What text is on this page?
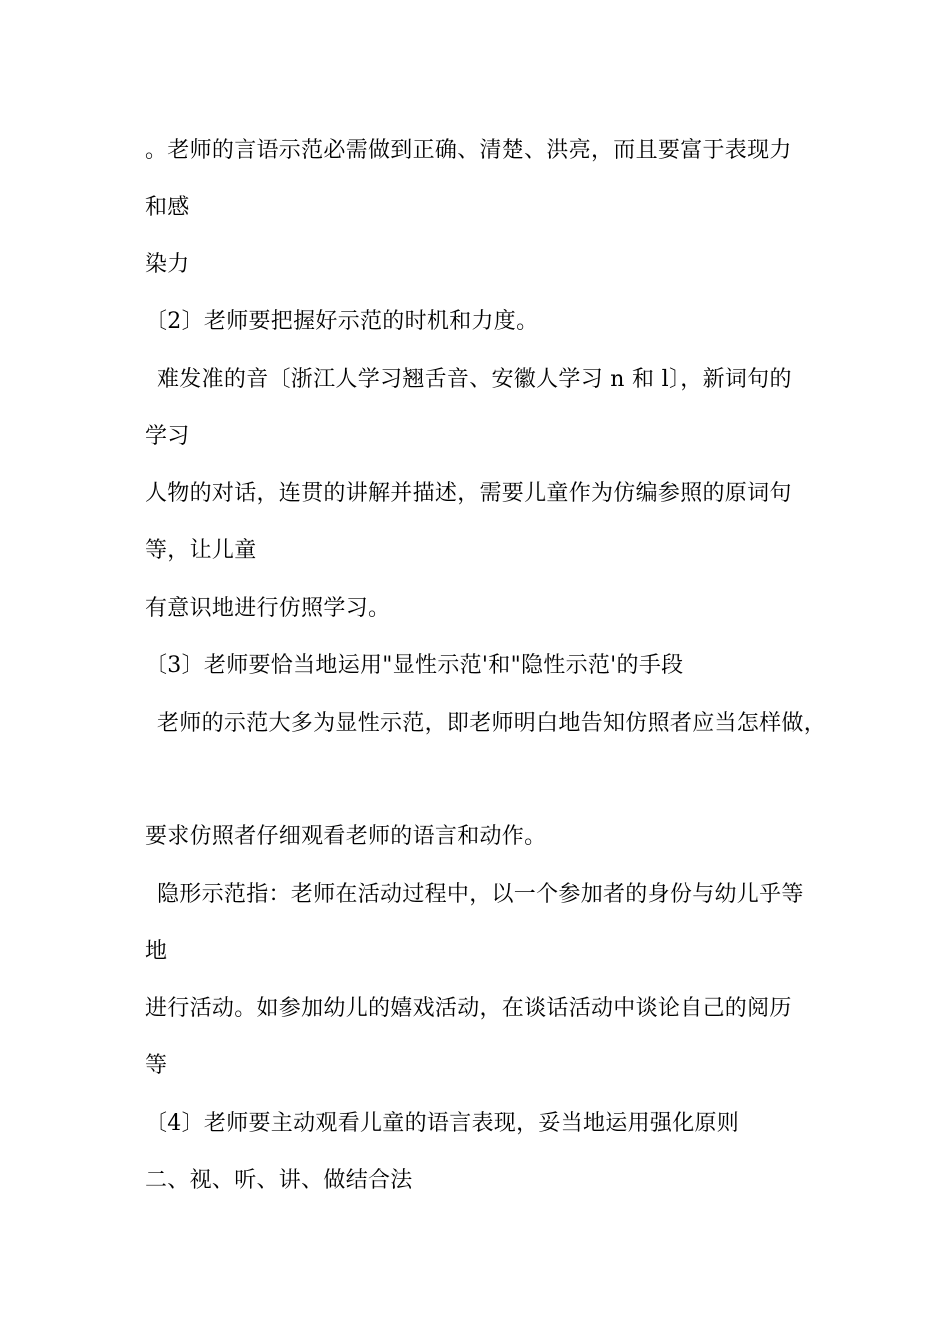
。老师的言语示范必需做到正确、清楚、洪亮，而且要富于表现力
和感
染力
〔2〕老师要把握好示范的时机和力度。
难发准的音〔浙江人学习翘舌音、安徽人学习 n 和 l〕，新词句的
学习
人物的对话，连贯的讲解并描述，需要儿童作为仿编参照的原词句
等，让儿童
有意识地进行仿照学习。
〔3〕老师要恰当地运用"显性示范'和"隐性示范'的手段
老师的示范大多为显性示范，即老师明白地告知仿照者应当怎样做，
要求仿照者仔细观看老师的语言和动作。
隐形示范指：老师在活动过程中，以一个参加者的身份与幼儿乎等
地
进行活动。如参加幼儿的嬉戏活动，在谈话活动中谈论自己的阅历
等
〔4〕老师要主动观看儿童的语言表现，妥当地运用强化原则
二、视、听、讲、做结合法
